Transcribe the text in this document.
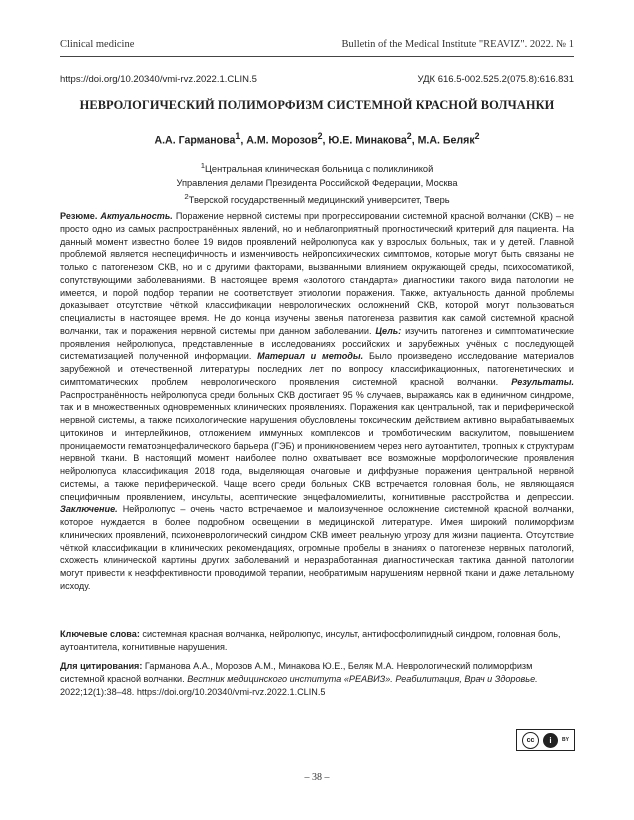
Clinical medicine	Bulletin of the Medical Institute "REAVIZ". 2022. № 1
https://doi.org/10.20340/vmi-rvz.2022.1.CLIN.5	УДК 616.5-002.525.2(075.8):616.831
НЕВРОЛОГИЧЕСКИЙ ПОЛИМОРФИЗМ СИСТЕМНОЙ КРАСНОЙ ВОЛЧАНКИ
А.А. Гарманова$^1$, А.М. Морозов$^2$, Ю.Е. Минакова$^2$, М.А. Беляк$^2$
$^1$Центральная клиническая больница с поликлиникой
Управления делами Президента Российской Федерации, Москва
$^2$Тверской государственный медицинский университет, Тверь
Резюме. Актуальность. Поражение нервной системы при прогрессировании системной красной волчанки (СКВ) – не просто одно из самых распространённых явлений, но и неблагоприятный прогностический критерий для пациента. На данный момент известно более 19 видов проявлений нейролюпуса как у взрослых больных, так и у детей. Главной проблемой является неспецифичность и изменчивость нейропсихических симптомов, которые могут быть связаны не только с патогенезом СКВ, но и с другими факторами, вызванными влиянием окружающей среды, психосоматикой, сопутствующими заболеваниями. В настоящее время «золотого стандарта» диагностики такого вида патологии не имеется, и порой подбор терапии не соответствует этиологии поражения. Также, актуальность данной проблемы доказывает отсутствие чёткой классификации неврологических осложнений СКВ, которой могут пользоваться специалисты в настоящее время. Не до конца изучены звенья патогенеза развития как самой системной красной волчанки, так и поражения нервной системы при данном заболевании. Цель: изучить патогенез и симптоматические проявления нейролюпуса, представленные в исследованиях российских и зарубежных учёных с последующей систематизацией полученной информации. Материал и методы. Было произведено исследование материалов зарубежной и отечественной литературы последних лет по вопросу классификационных, патогенетических и симптоматических проблем неврологического проявления системной красной волчанки. Результаты. Распространённость нейролюпуса среди больных СКВ достигает 95 % случаев, выражаясь как в единичном синдроме, так и в множественных одновременных клинических проявлениях. Поражения как центральной, так и периферической нервной системы, а также психологические нарушения обусловлены токсическим действием активно вырабатываемых цитокинов и интерлейкинов, отложением иммунных комплексов и тромботическим васкулитом, повышением проницаемости гематоэнцефалического барьера (ГЭБ) и проникновением через него аутоантител, тропных к структурам нервной ткани. В настоящий момент наиболее полно охватывает все возможные морфологические проявления нейролюпуса классификация 2018 года, выделяющая очаговые и диффузные поражения центральной нервной системы, а также периферической. Чаще всего среди больных СКВ встречается головная боль, не являющаяся специфичным проявлением, инсульты, асептические энцефаломиелиты, когнитивные расстройства и депрессии. Заключение. Нейролюпус – очень часто встречаемое и малоизученное осложнение системной красной волчанки, которое нуждается в более подробном освещении в медицинской литературе. Имея широкий полиморфизм клинических проявлений, психоневрологический синдром СКВ имеет реальную угрозу для жизни пациента. Отсутствие чёткой классификации в клинических рекомендациях, огромные пробелы в знаниях о патогенезе нервных патологий, схожесть клинической картины других заболеваний и неразработанная диагностическая тактика данной патологии могут привести к неэффективности проводимой терапии, необратимым нарушениям нервной ткани и даже летальному исходу.
Ключевые слова: системная красная волчанка, нейролюпус, инсульт, антифосфолипидный синдром, головная боль, аутоантитела, когнитивные нарушения.
Для цитирования: Гарманова А.А., Морозов А.М., Минакова Ю.Е., Беляк М.А. Неврологический полиморфизм системной красной волчанки. Вестник медицинского института «РЕАВИЗ». Реабилитация, Врач и Здоровье. 2022;12(1):38–48. https://doi.org/10.20340/vmi-rvz.2022.1.CLIN.5
cc	i	BY
– 38 –
